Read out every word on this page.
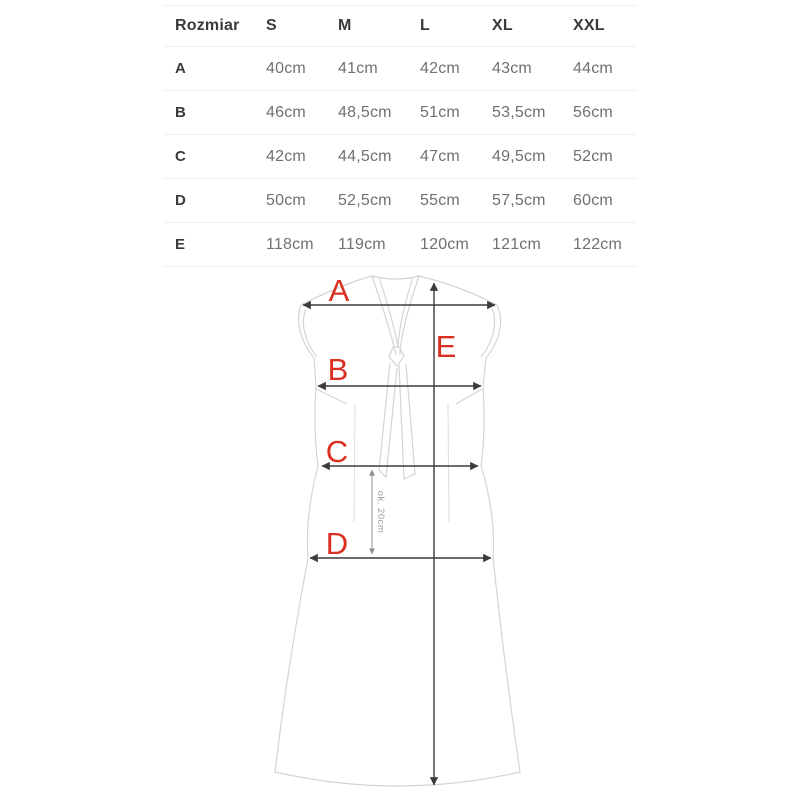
Rozmiar	S	M	L	XL	XXL
A	40cm	41cm	42cm	43cm	44cm
B	46cm	48,5cm	51cm	53,5cm	56cm
C	42cm	44,5cm	47cm	49,5cm	52cm
D	50cm	52,5cm	55cm	57,5cm	60cm
E	118cm	119cm	120cm	121cm	122cm
A
B
C
D
E
ok. 20cm
